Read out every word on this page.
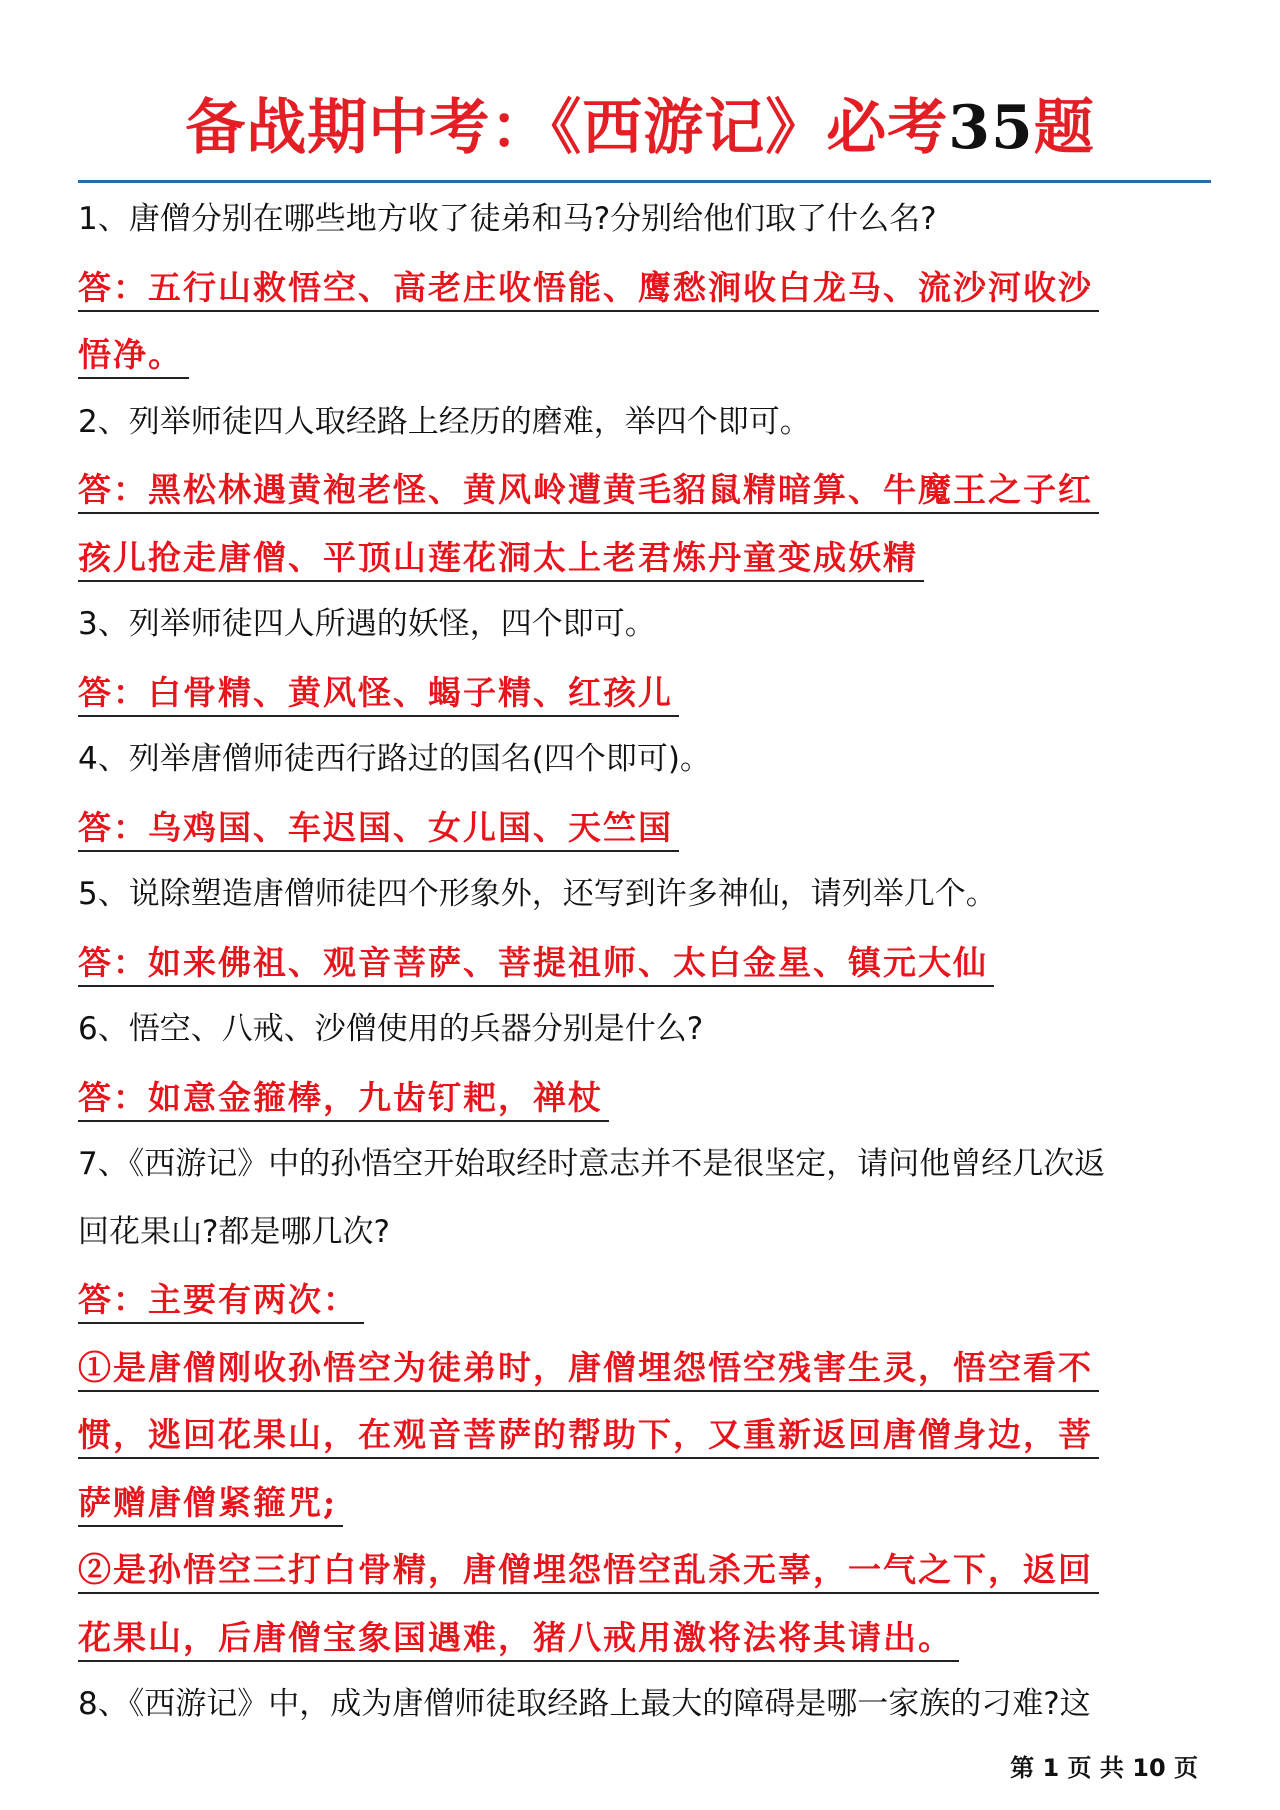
备战期中考：《西游记》必考35题
1、唐僧分别在哪些地方收了徒弟和马?分别给他们取了什么名?
答：五行山救悟空、高老庄收悟能、鹰愁涧收白龙马、流沙河收沙
悟净。
2、列举师徒四人取经路上经历的磨难，举四个即可。
答：黑松林遇黄袍老怪、黄风岭遭黄毛貂鼠精暗算、牛魔王之子红
孩儿抢走唐僧、平顶山莲花洞太上老君炼丹童变成妖精
3、列举师徒四人所遇的妖怪，四个即可。
答：白骨精、黄风怪、蝎子精、红孩儿
4、列举唐僧师徒西行路过的国名(四个即可)。
答：乌鸡国、车迟国、女儿国、天竺国
5、说除塑造唐僧师徒四个形象外，还写到许多神仙，请列举几个。
答：如来佛祖、观音菩萨、菩提祖师、太白金星、镇元大仙
6、悟空、八戒、沙僧使用的兵器分别是什么?
答：如意金箍棒，九齿钉耙，禅杖
7、《西游记》中的孙悟空开始取经时意志并不是很坚定，请问他曾经几次返
回花果山?都是哪几次?
答：主要有两次：
①是唐僧刚收孙悟空为徒弟时，唐僧埋怨悟空残害生灵，悟空看不
惯，逃回花果山，在观音菩萨的帮助下，又重新返回唐僧身边，菩
萨赠唐僧紧箍咒;
②是孙悟空三打白骨精，唐僧埋怨悟空乱杀无辜，一气之下，返回
花果山，后唐僧宝象国遇难，猪八戒用激将法将其请出。
8、《西游记》中，成为唐僧师徒取经路上最大的障碍是哪一家族的刁难?这
第 1 页 共 10 页
